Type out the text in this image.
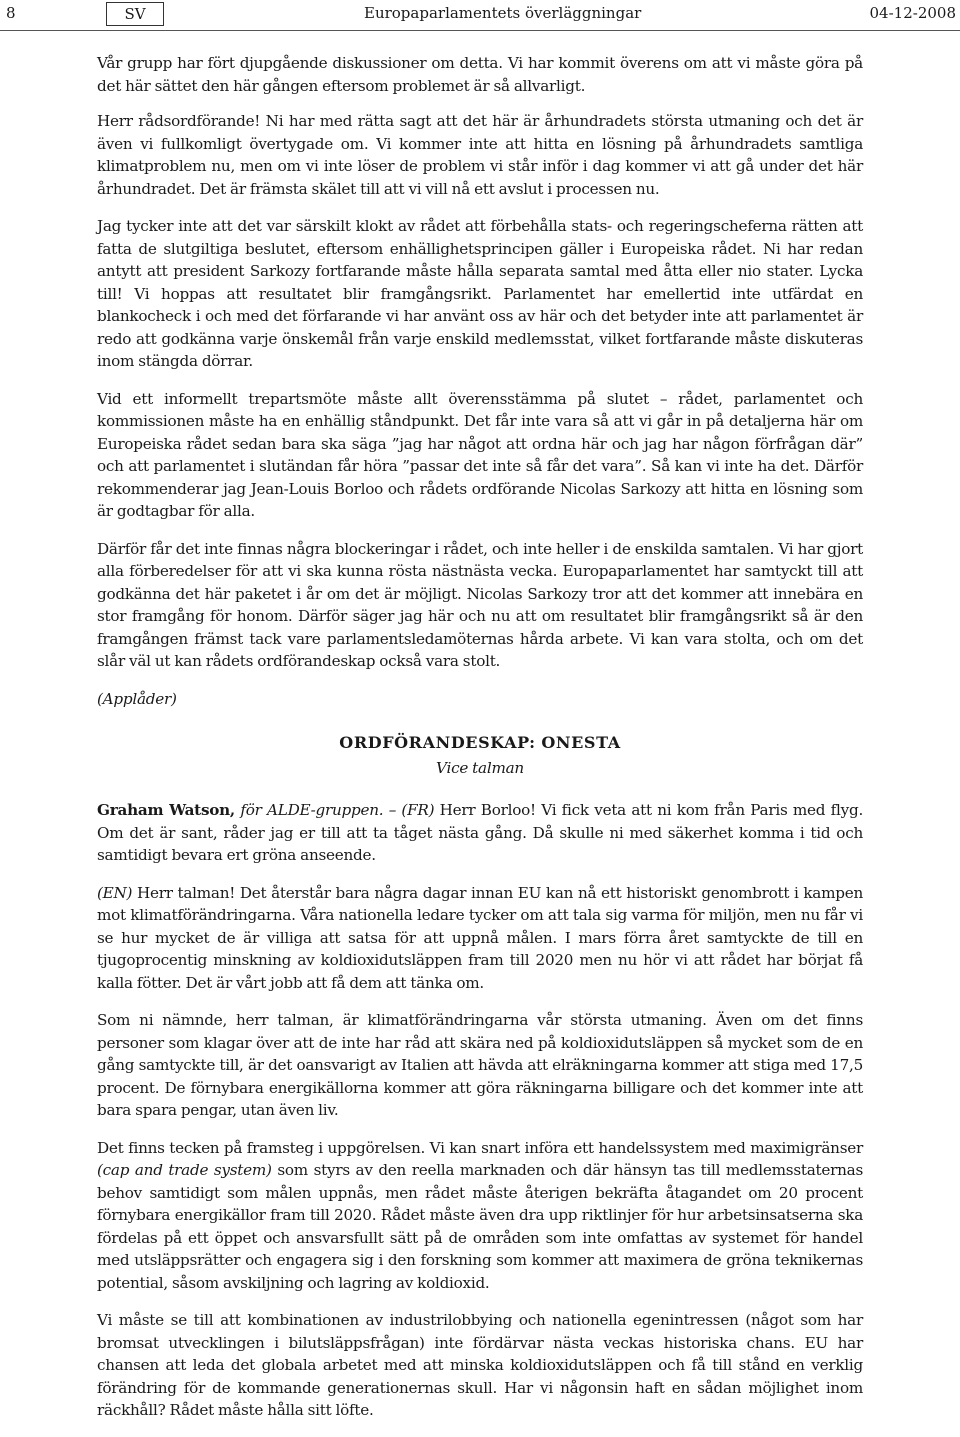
8	SV	Europaparlamentets överläggningar	04-12-2008

Vår grupp har fört djupgående diskussioner om detta. Vi har kommit överens om att vi måste göra på det här sättet den här gången eftersom problemet är så allvarligt.

Herr rådsordförande! Ni har med rätta sagt att det här är århundradets största utmaning och det är även vi fullkomligt övertygade om. Vi kommer inte att hitta en lösning på århundradets samtliga klimatproblem nu, men om vi inte löser de problem vi står inför i dag kommer vi att gå under det här århundradet. Det är främsta skälet till att vi vill nå ett avslut i processen nu.

Jag tycker inte att det var särskilt klokt av rådet att förbehålla stats- och regeringscheferna rätten att fatta de slutgiltiga beslutet, eftersom enhällighetsprincipen gäller i Europeiska rådet. Ni har redan antytt att president Sarkozy fortfarande måste hålla separata samtal med åtta eller nio stater. Lycka till! Vi hoppas att resultatet blir framgångsrikt. Parlamentet har emellertid inte utfärdat en blankocheck i och med det förfarande vi har använt oss av här och det betyder inte att parlamentet är redo att godkänna varje önskemål från varje enskild medlemsstat, vilket fortfarande måste diskuteras inom stängda dörrar.

Vid ett informellt trepartsmöte måste allt överensstämma på slutet – rådet, parlamentet och kommissionen måste ha en enhällig ståndpunkt. Det får inte vara så att vi går in på detaljerna här om Europeiska rådet sedan bara ska säga ”jag har något att ordna här och jag har någon förfrågan där” och att parlamentet i slutändan får höra ”passar det inte så får det vara”. Så kan vi inte ha det. Därför rekommenderar jag Jean-Louis Borloo och rådets ordförande Nicolas Sarkozy att hitta en lösning som är godtagbar för alla.

Därför får det inte finnas några blockeringar i rådet, och inte heller i de enskilda samtalen. Vi har gjort alla förberedelser för att vi ska kunna rösta nästnästa vecka. Europaparlamentet har samtyckt till att godkänna det här paketet i år om det är möjligt. Nicolas Sarkozy tror att det kommer att innebära en stor framgång för honom. Därför säger jag här och nu att om resultatet blir framgångsrikt så är den framgången främst tack vare parlamentsledamöternas hårda arbete. Vi kan vara stolta, och om det slår väl ut kan rådets ordförandeskap också vara stolt.

(Applåder)

ORDFÖRANDESKAP: ONESTA
Vice talman

Graham Watson, för ALDE-gruppen. – (FR) Herr Borloo! Vi fick veta att ni kom från Paris med flyg. Om det är sant, råder jag er till att ta tåget nästa gång. Då skulle ni med säkerhet komma i tid och samtidigt bevara ert gröna anseende.

(EN) Herr talman! Det återstår bara några dagar innan EU kan nå ett historiskt genombrott i kampen mot klimatförändringarna. Våra nationella ledare tycker om att tala sig varma för miljön, men nu får vi se hur mycket de är villiga att satsa för att uppnå målen. I mars förra året samtyckte de till en tjugoprocentig minskning av koldioxidutsläppen fram till 2020 men nu hör vi att rådet har börjat få kalla fötter. Det är vårt jobb att få dem att tänka om.

Som ni nämnde, herr talman, är klimatförändringarna vår största utmaning. Även om det finns personer som klagar över att de inte har råd att skära ned på koldioxidutsläppen så mycket som de en gång samtyckte till, är det oansvarigt av Italien att hävda att elräkningarna kommer att stiga med 17,5 procent. De förnybara energikällorna kommer att göra räkningarna billigare och det kommer inte att bara spara pengar, utan även liv.

Det finns tecken på framsteg i uppgörelsen. Vi kan snart införa ett handelssystem med maximigränser (cap and trade system) som styrs av den reella marknaden och där hänsyn tas till medlemsstaternas behov samtidigt som målen uppnås, men rådet måste återigen bekräfta åtagandet om 20 procent förnybara energikällor fram till 2020. Rådet måste även dra upp riktlinjer för hur arbetsinsatserna ska fördelas på ett öppet och ansvarsfullt sätt på de områden som inte omfattas av systemet för handel med utsläppsrätter och engagera sig i den forskning som kommer att maximera de gröna teknikernas potential, såsom avskiljning och lagring av koldioxid.

Vi måste se till att kombinationen av industrilobbying och nationella egenintressen (något som har bromsat utvecklingen i bilutsläppsfrågan) inte fördärvar nästa veckas historiska chans. EU har chansen att leda det globala arbetet med att minska koldioxidutsläppen och få till stånd en verklig förändring för de kommande generationernas skull. Har vi någonsin haft en sådan möjlighet inom räckhåll? Rådet måste hålla sitt löfte.
